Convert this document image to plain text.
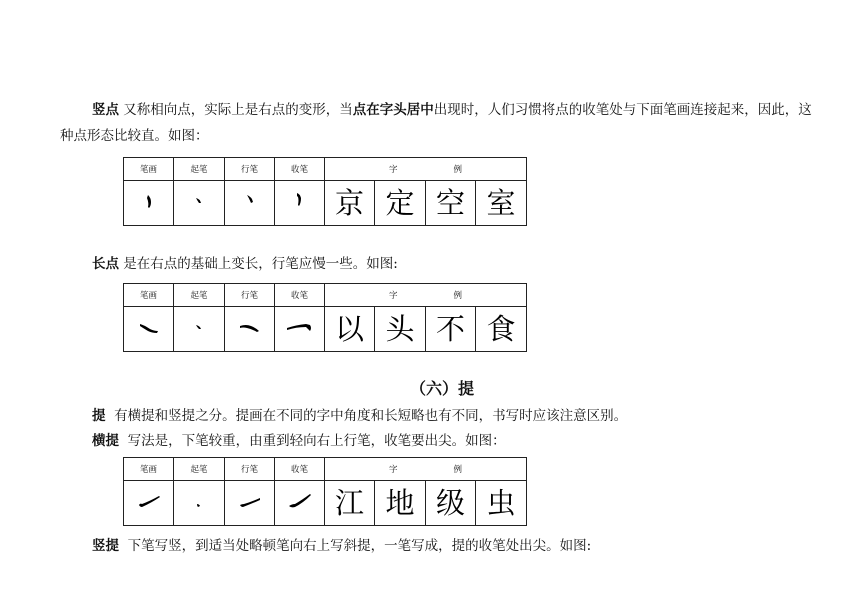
竖点 又称相向点，实际上是右点的变形，当点在字头居中出现时，人们习惯将点的收笔处与下面笔画连接起来，因此，这种点形态比较直。如图：
笔画	起笔	行笔	收笔	字 例			
				京	定	空	室
长点 是在右点的基础上变长，行笔应慢一些。如图:
笔画	起笔	行笔	收笔	字 例			
				以	头	不	食
（六）提
提 有横提和竖提之分。提画在不同的字中角度和长短略也有不同，书写时应该注意区别。
横提 写法是，下笔较重，由重到轻向右上行笔，收笔要出尖。如图：
笔画	起笔	行笔	收笔	字 例			
				江	地	级	虫
竖提 下笔写竖，到适当处略顿笔向右上写斜提，一笔写成，提的收笔处出尖。如图:
